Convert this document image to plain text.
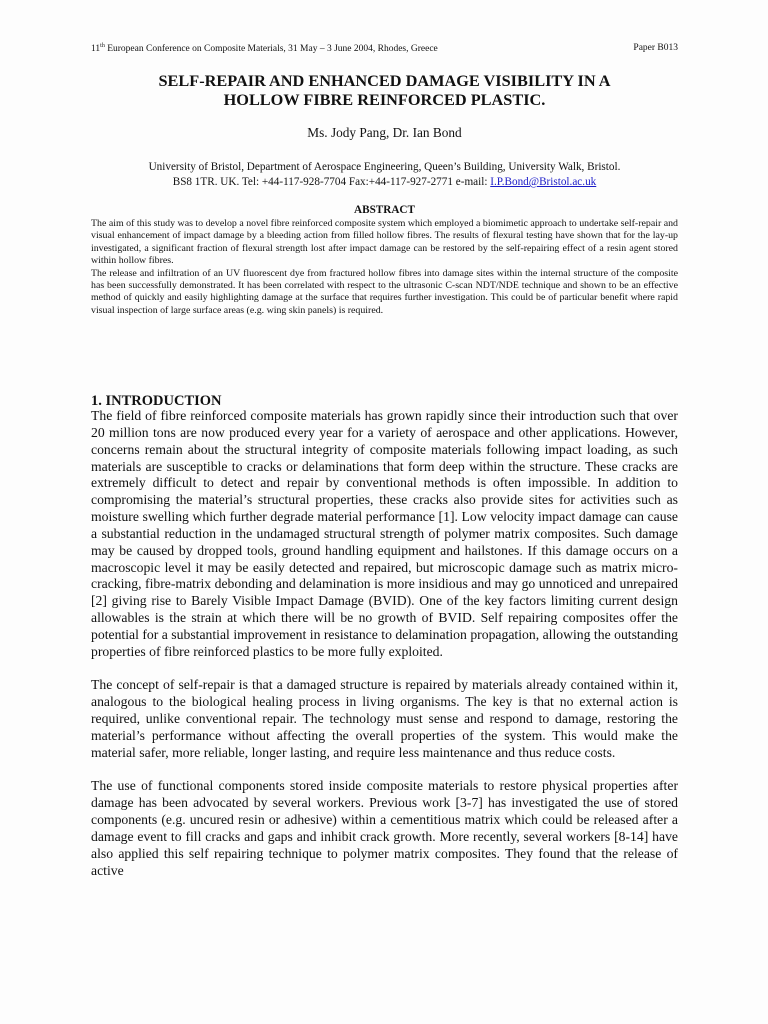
11th European Conference on Composite Materials, 31 May – 3 June 2004, Rhodes, Greece	Paper B013
SELF-REPAIR AND ENHANCED DAMAGE VISIBILITY IN A
HOLLOW FIBRE REINFORCED PLASTIC.
Ms. Jody Pang, Dr. Ian Bond
University of Bristol, Department of Aerospace Engineering, Queen’s Building, University Walk, Bristol.
BS8 1TR. UK. Tel: +44-117-928-7704 Fax:+44-117-927-2771 e-mail: I.P.Bond@Bristol.ac.uk
ABSTRACT

The aim of this study was to develop a novel fibre reinforced composite system which employed a biomimetic approach to undertake self-repair and visual enhancement of impact damage by a bleeding action from filled hollow fibres. The results of flexural testing have shown that for the lay-up investigated, a significant fraction of flexural strength lost after impact damage can be restored by the self-repairing effect of a resin agent stored within hollow fibres.

The release and infiltration of an UV fluorescent dye from fractured hollow fibres into damage sites within the internal structure of the composite has been successfully demonstrated. It has been correlated with respect to the ultrasonic C-scan NDT/NDE technique and shown to be an effective method of quickly and easily highlighting damage at the surface that requires further investigation. This could be of particular benefit where rapid visual inspection of large surface areas (e.g. wing skin panels) is required.

1. INTRODUCTION

The field of fibre reinforced composite materials has grown rapidly since their introduction such that over 20 million tons are now produced every year for a variety of aerospace and other applications. However, concerns remain about the structural integrity of composite materials following impact loading, as such materials are susceptible to cracks or delaminations that form deep within the structure. These cracks are extremely difficult to detect and repair by conventional methods is often impossible. In addition to compromising the material’s structural properties, these cracks also provide sites for activities such as moisture swelling which further degrade material performance [1]. Low velocity impact damage can cause a substantial reduction in the undamaged structural strength of polymer matrix composites. Such damage may be caused by dropped tools, ground handling equipment and hailstones. If this damage occurs on a macroscopic level it may be easily detected and repaired, but microscopic damage such as matrix micro-cracking, fibre-matrix debonding and delamination is more insidious and may go unnoticed and unrepaired [2] giving rise to Barely Visible Impact Damage (BVID). One of the key factors limiting current design allowables is the strain at which there will be no growth of BVID. Self repairing composites offer the potential for a substantial improvement in resistance to delamination propagation, allowing the outstanding properties of fibre reinforced plastics to be more fully exploited.

The concept of self-repair is that a damaged structure is repaired by materials already contained within it, analogous to the biological healing process in living organisms. The key is that no external action is required, unlike conventional repair. The technology must sense and respond to damage, restoring the material’s performance without affecting the overall properties of the system. This would make the material safer, more reliable, longer lasting, and require less maintenance and thus reduce costs.

The use of functional components stored inside composite materials to restore physical properties after damage has been advocated by several workers. Previous work [3-7] has investigated the use of stored components (e.g. uncured resin or adhesive) within a cementitious matrix which could be released after a damage event to fill cracks and gaps and inhibit crack growth. More recently, several workers [8-14] have also applied this self repairing technique to polymer matrix composites. They found that the release of active
